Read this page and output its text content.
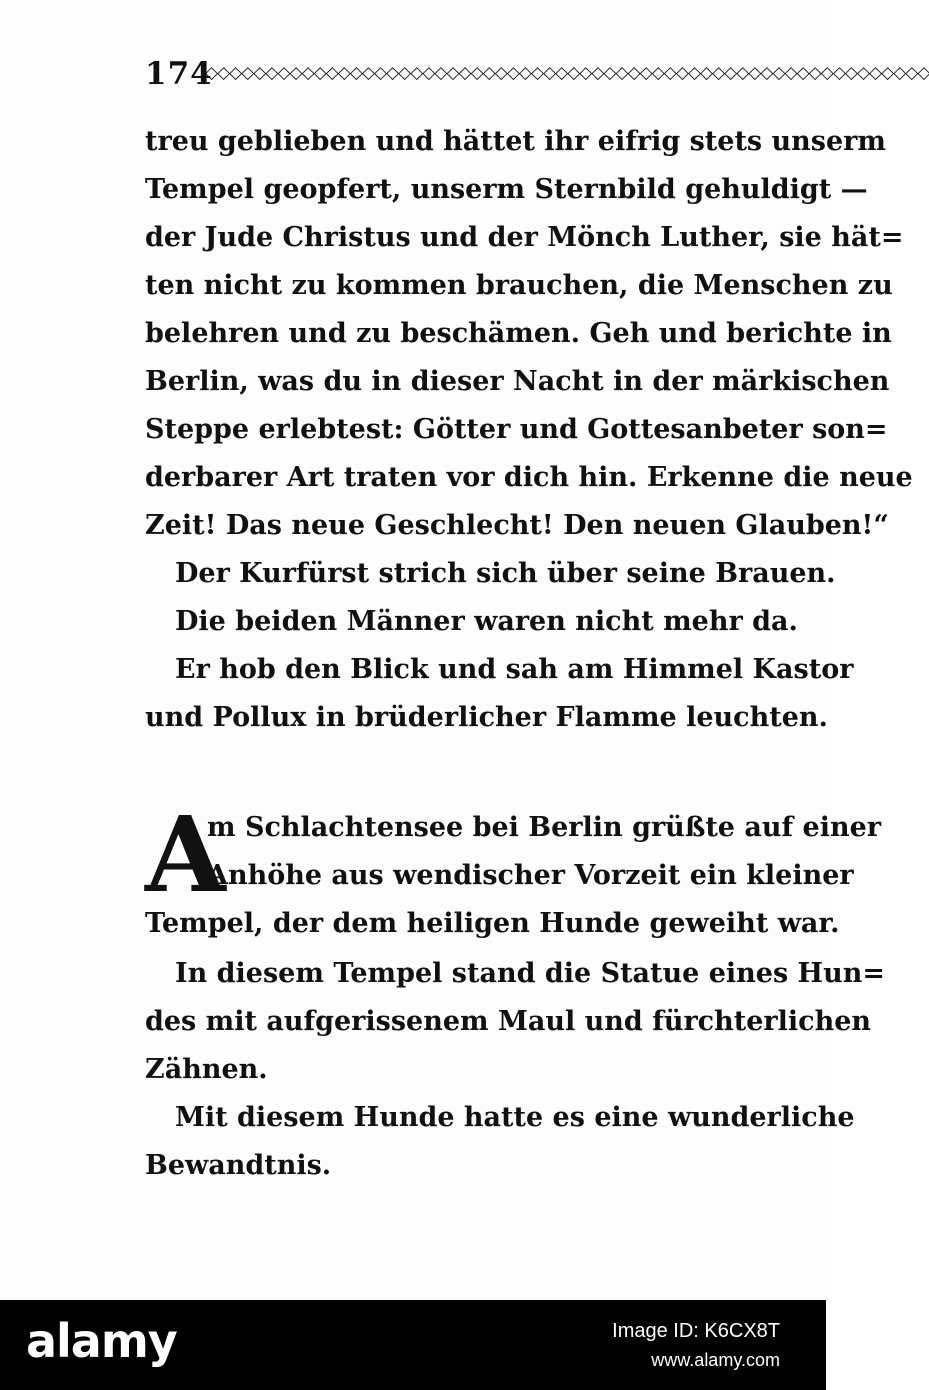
174
◇◇◇◇◇◇◇◇◇◇◇◇◇◇◇◇◇◇◇◇◇◇◇◇◇◇◇◇◇◇◇◇◇◇◇◇◇◇◇◇◇◇◇◇◇◇◇◇◇◇◇◇◇◇◇◇◇◇◇◇
treu geblieben und hättet ihr eifrig stets unserm
Tempel geopfert, unserm Sternbild gehuldigt —
der Jude Christus und der Mönch Luther, sie hät=
ten nicht zu kommen brauchen, die Menschen zu
belehren und zu beschämen. Geh und berichte in
Berlin, was du in dieser Nacht in der märkischen
Steppe erlebtest: Götter und Gottesanbeter son=
derbarer Art traten vor dich hin. Erkenne die neue
Zeit! Das neue Geschlecht! Den neuen Glauben!“
Der Kurfürst strich sich über seine Brauen.
Die beiden Männer waren nicht mehr da.
Er hob den Blick und sah am Himmel Kastor
und Pollux in brüderlicher Flamme leuchten.
A
m Schlachtensee bei Berlin grüßte auf einer
Anhöhe aus wendischer Vorzeit ein kleiner
Tempel, der dem heiligen Hunde geweiht war.
In diesem Tempel stand die Statue eines Hun=
des mit aufgerissenem Maul und fürchterlichen
Zähnen.
Mit diesem Hunde hatte es eine wunderliche
Bewandtnis.
alamy	Image ID: K6CX8T
www.alamy.com
